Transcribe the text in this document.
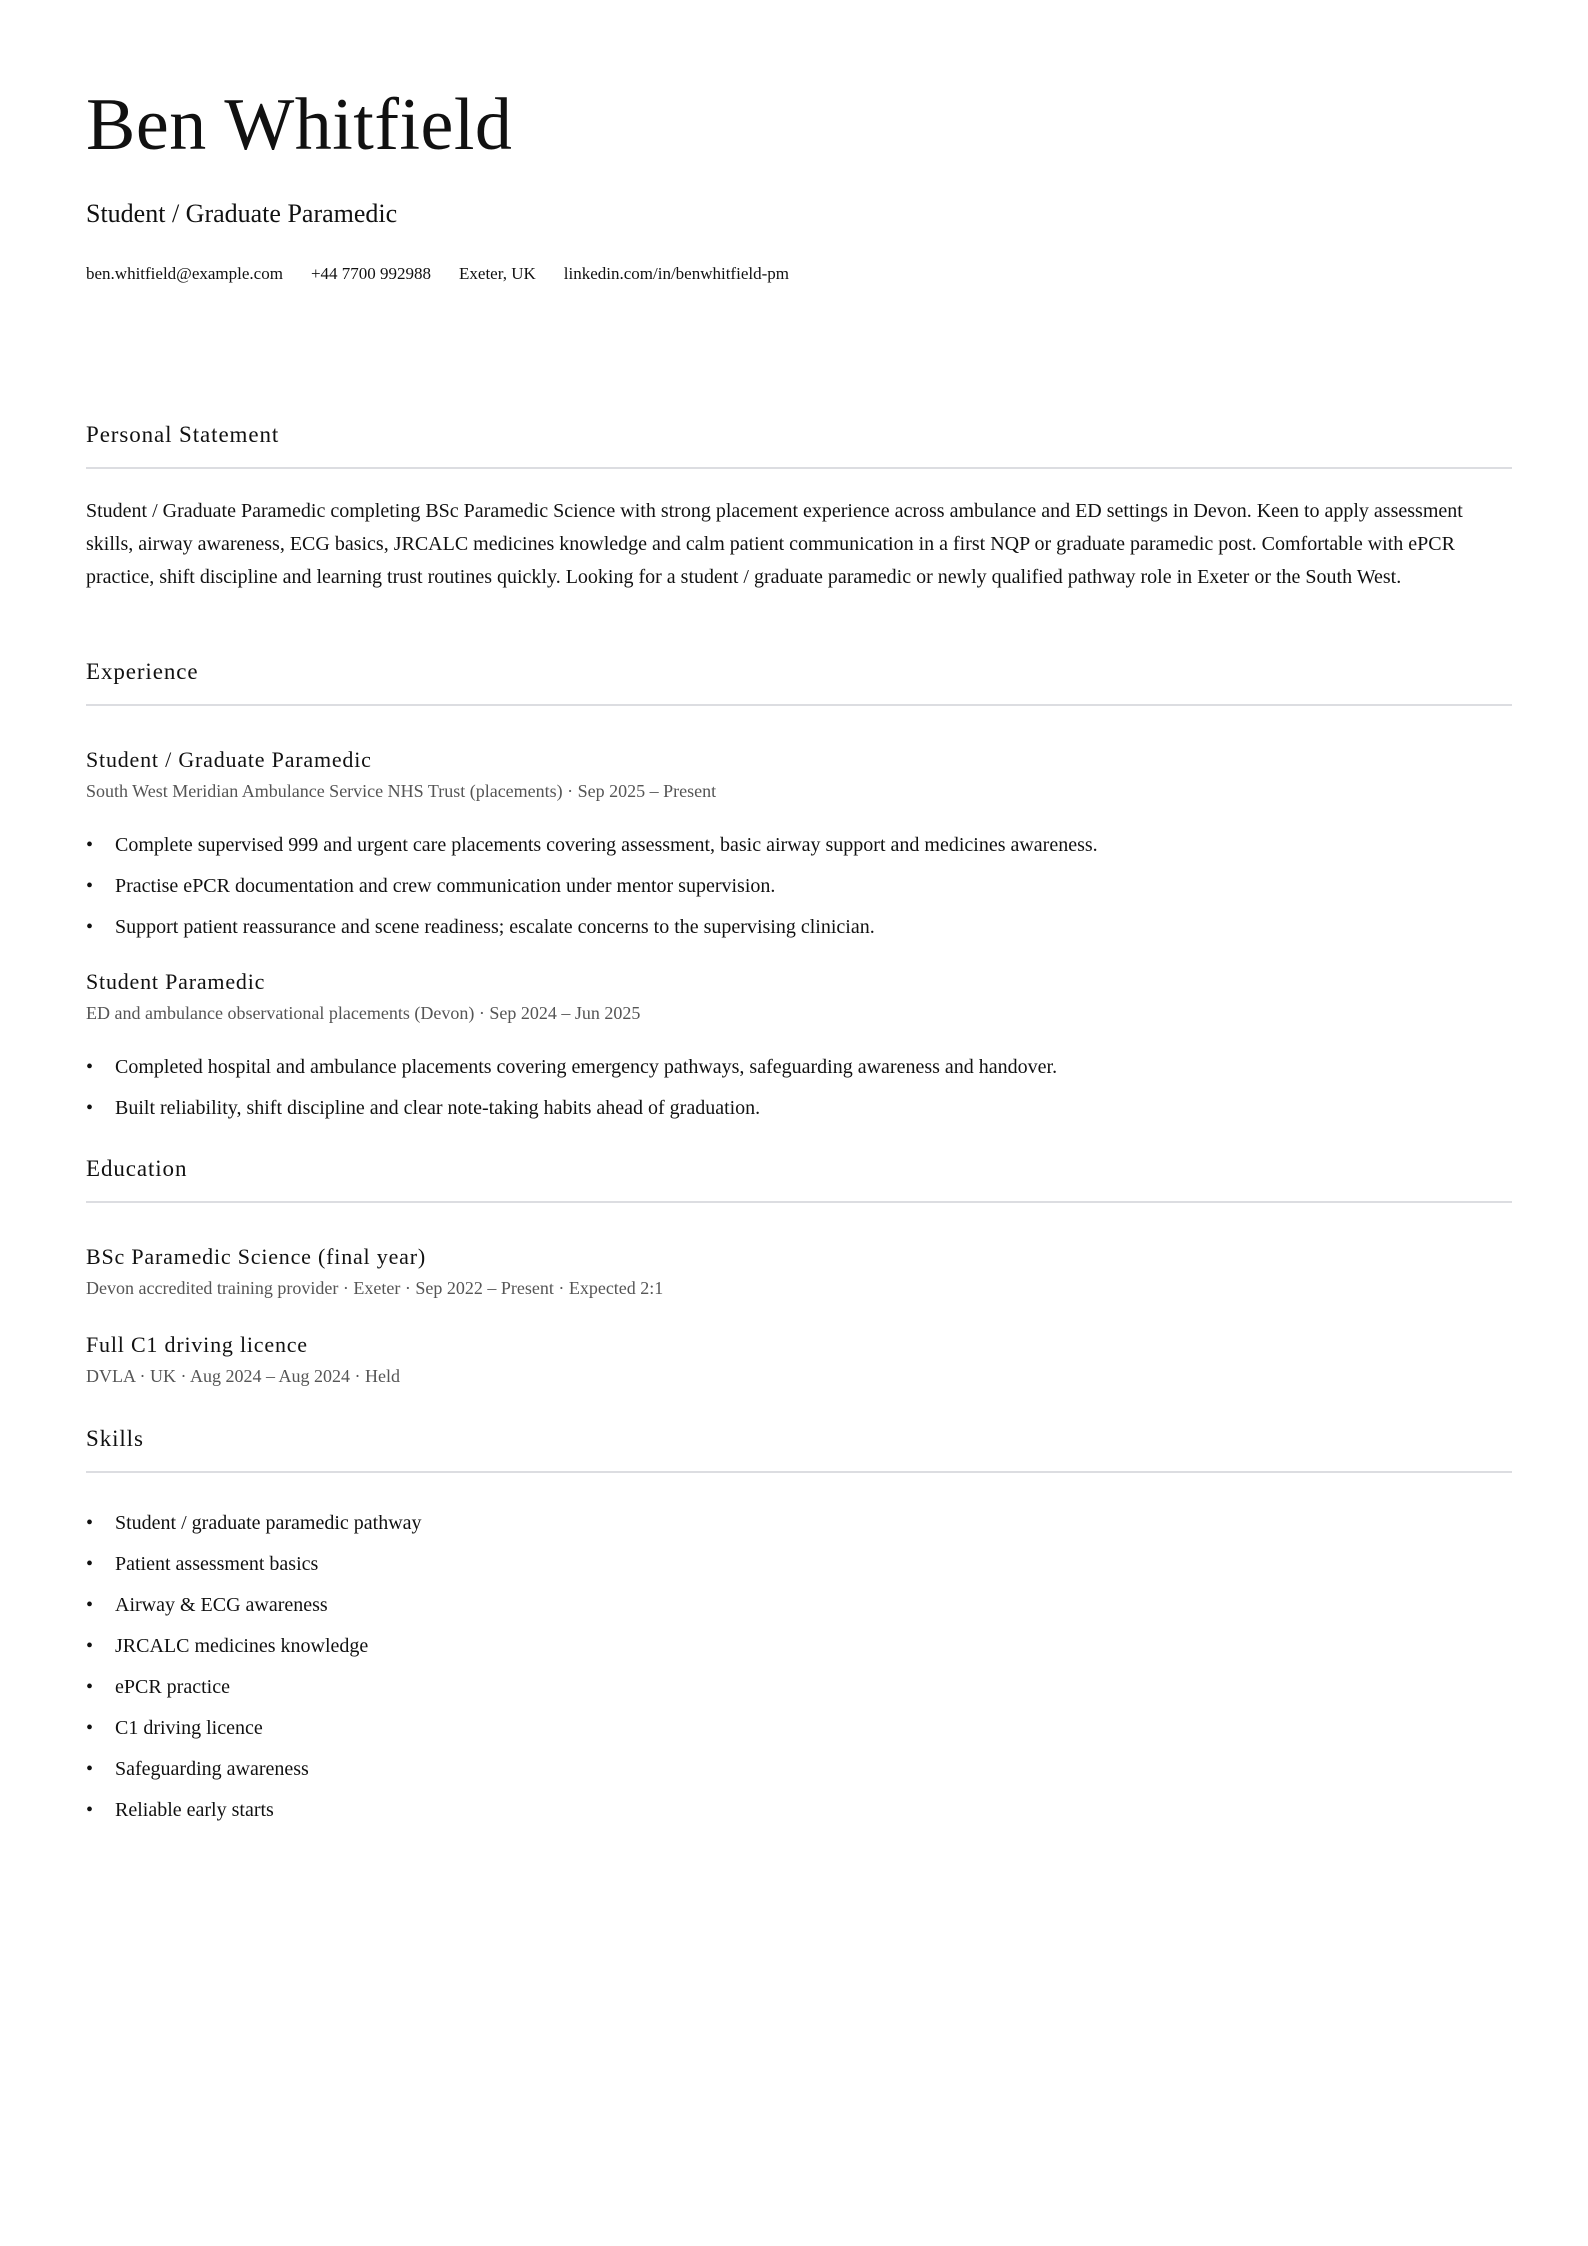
Ben Whitfield
Student / Graduate Paramedic
ben.whitfield@example.com +44 7700 992988 Exeter, UK linkedin.com/in/benwhitfield-pm
Personal Statement

Student / Graduate Paramedic completing BSc Paramedic Science with strong placement experience across ambulance and ED settings in Devon. Keen to apply assessment skills, airway awareness, ECG basics, JRCALC medicines knowledge and calm patient communication in a first NQP or graduate paramedic post. Comfortable with ePCR practice, shift discipline and learning trust routines quickly. Looking for a student / graduate paramedic or newly qualified pathway role in Exeter or the South West.

Experience
Student / Graduate Paramedic
South West Meridian Ambulance Service NHS Trust (placements) · Sep 2025 – Present
• Complete supervised 999 and urgent care placements covering assessment, basic airway support and medicines awareness.
• Practise ePCR documentation and crew communication under mentor supervision.
• Support patient reassurance and scene readiness; escalate concerns to the supervising clinician.
Student Paramedic
ED and ambulance observational placements (Devon) · Sep 2024 – Jun 2025
• Completed hospital and ambulance placements covering emergency pathways, safeguarding awareness and handover.
• Built reliability, shift discipline and clear note-taking habits ahead of graduation.
Education
BSc Paramedic Science (final year)
Devon accredited training provider · Exeter · Sep 2022 – Present · Expected 2:1
Full C1 driving licence
DVLA · UK · Aug 2024 – Aug 2024 · Held
Skills
• Student / graduate paramedic pathway
• Patient assessment basics
• Airway & ECG awareness
• JRCALC medicines knowledge
• ePCR practice
• C1 driving licence
• Safeguarding awareness
• Reliable early starts
